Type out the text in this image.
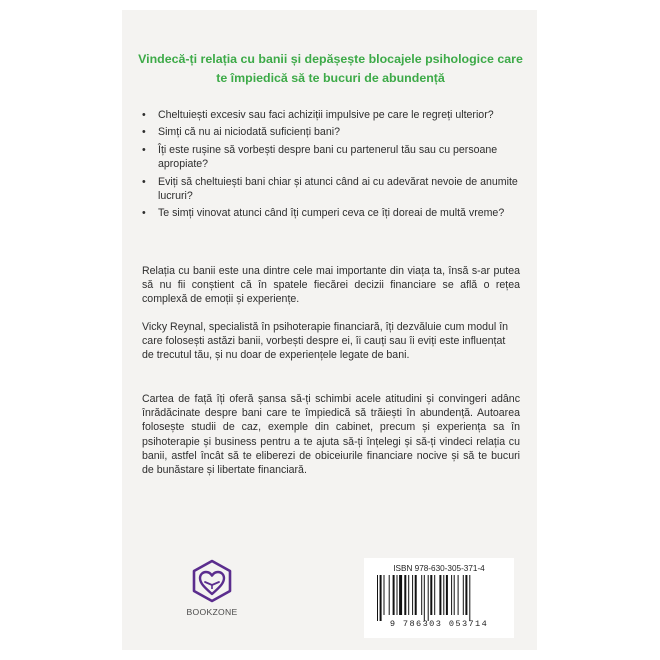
Vindecă-ți relația cu banii și depășește blocajele psihologice care te împiedică să te bucuri de abundență

• Cheltuiești excesiv sau faci achiziții impulsive pe care le regreți ulterior?
• Simți că nu ai niciodată suficienți bani?
• Îți este rușine să vorbești despre bani cu partenerul tău sau cu persoane apropiate?
• Eviți să cheltuiești bani chiar și atunci când ai cu adevărat nevoie de anumite lucruri?
• Te simți vinovat atunci când îți cumperi ceva ce îți doreai de multă vreme?

Relația cu banii este una dintre cele mai importante din viața ta, însă s-ar putea să nu fii conștient că în spatele fiecărei decizii financiare se află o rețea complexă de emoții și experiențe.

Vicky Reynal, specialistă în psihoterapie financiară, îți dezvăluie cum modul în care folosești astăzi banii, vorbești despre ei, îi cauți sau îi eviți este influențat de trecutul tău, și nu doar de experiențele legate de bani.

Cartea de față îți oferă șansa să-ți schimbi acele atitudini și convingeri adânc înrădăcinate despre bani care te împiedică să trăiești în abundență. Autoarea folosește studii de caz, exemple din cabinet, precum și experiența sa în psihoterapie și business pentru a te ajuta să-ți înțelegi și să-ți vindeci relația cu banii, astfel încât să te eliberezi de obiceiurile financiare nocive și să te bucuri de bunăstare și libertate financiară.

BOOKZONE
ISBN 978-630-305-371-4
9 786303 053714
